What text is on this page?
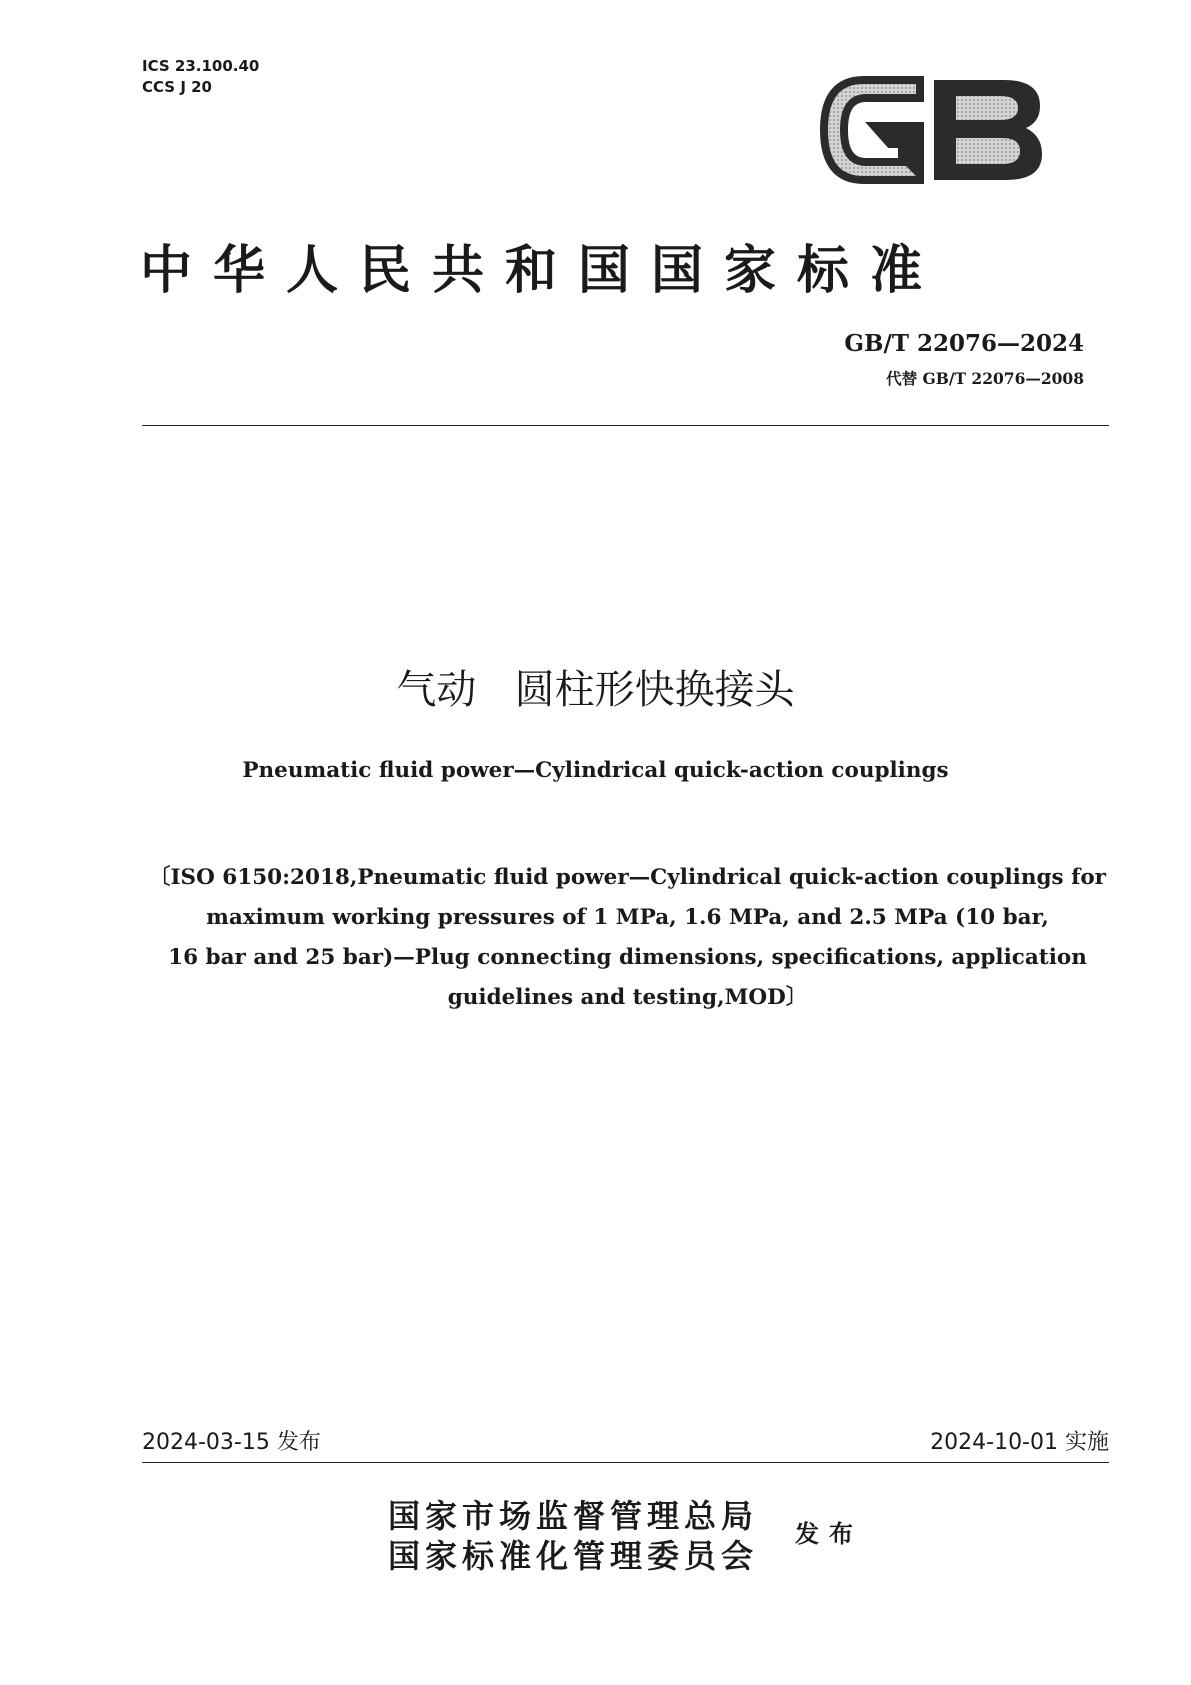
ICS 23.100.40
CCS J 20
GB
中华人民共和国国家标准
GB/T 22076—2024
代替 GB/T 22076—2008
气动   圆柱形快换接头
Pneumatic fluid power—Cylindrical quick-action couplings
〔ISO 6150:2018,Pneumatic fluid power—Cylindrical quick-action couplings for
maximum working pressures of 1 MPa, 1.6 MPa, and 2.5 MPa (10 bar,
16 bar and 25 bar)—Plug connecting dimensions, specifications, application
guidelines and testing,MOD〕
2024-03-15 发布	2024-10-01 实施
国家市场监督管理总局
国家标准化管理委员会
发布
